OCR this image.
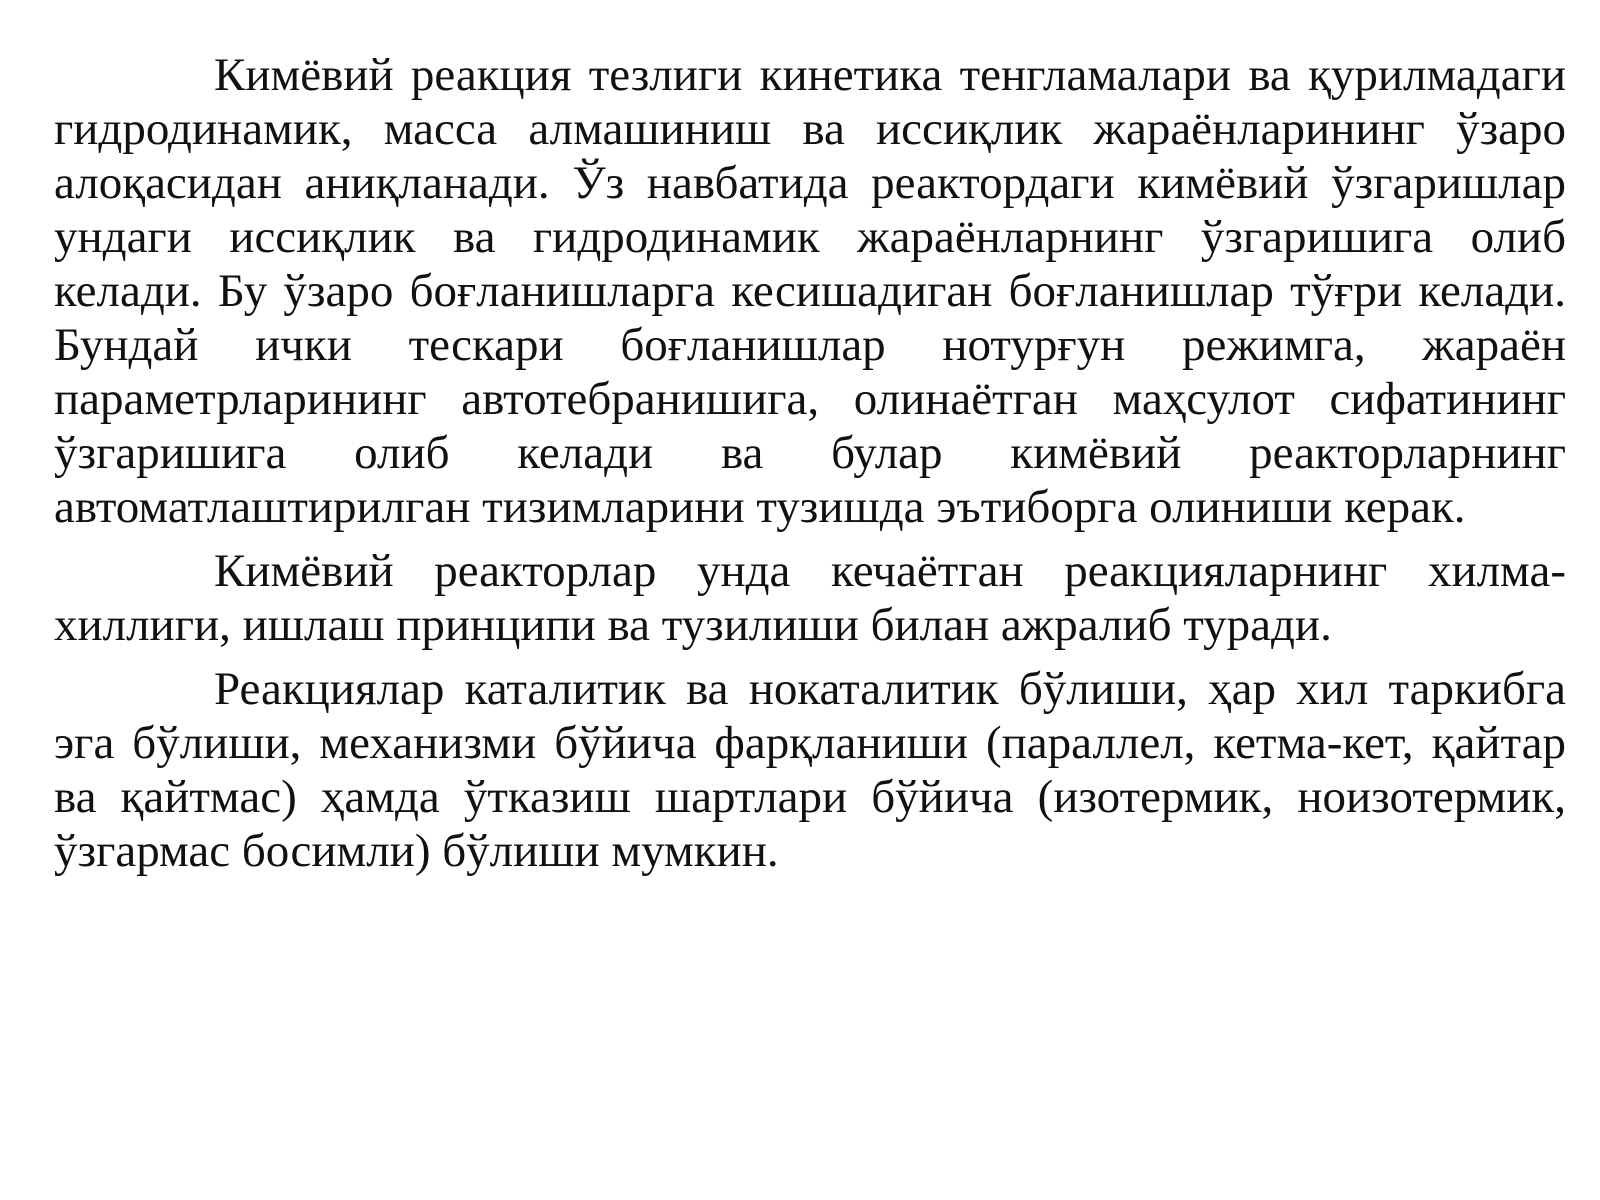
Кимёвий реакция тезлиги кинетика тенгламалари ва қурилмадаги гидродинамик, масса алмашиниш ва иссиқлик жараёнларининг ўзаро алоқасидан аниқланади. Ўз навбатида реактордаги кимёвий ўзгаришлар ундаги иссиқлик ва гидродинамик жараёнларнинг ўзгаришига олиб келади. Бу ўзаро боғланишларга кесишадиган боғланишлар тўғри келади. Бундай ички тескари боғланишлар нотурғун режимга, жараён параметрларининг автотебранишига, олинаётган маҳсулот сифатининг ўзгаришига олиб келади ва булар кимёвий реакторларнинг автоматлаштирилган тизимларини тузишда эътиборга олиниши керак.

Кимёвий реакторлар унда кечаётган реакцияларнинг хилма-хиллиги, ишлаш принципи ва тузилиши билан ажралиб туради.

Реакциялар каталитик ва нокаталитик бўлиши, ҳар хил таркибга эга бўлиши, механизми бўйича фарқланиши (параллел, кетма-кет, қайтар ва қайтмас) ҳамда ўтказиш шартлари бўйича (изотермик, ноизотермик, ўзгармас босимли) бўлиши мумкин.
